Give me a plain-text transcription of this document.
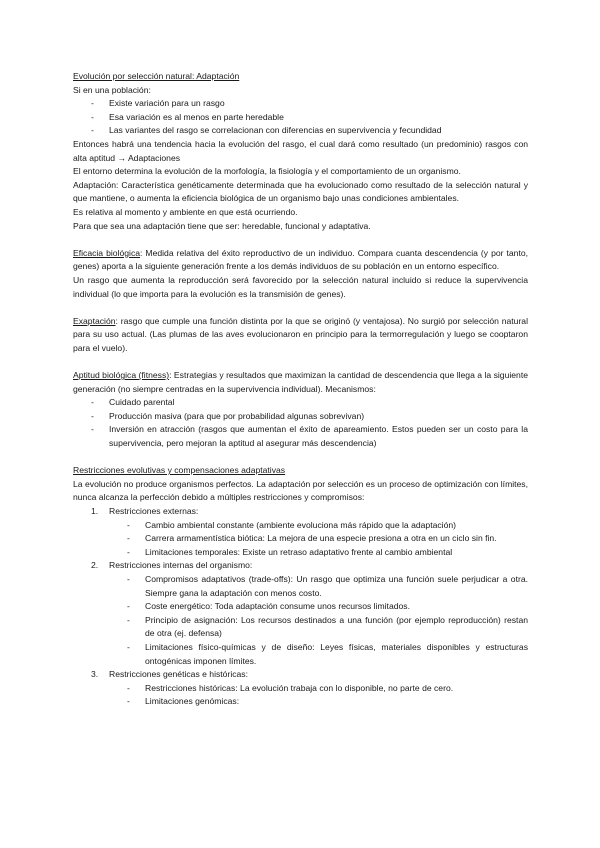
Evolución por selección natural: Adaptación

Si en una población:

-	Existe variación para un rasgo
-	Esa variación es al menos en parte heredable
-	Las variantes del rasgo se correlacionan con diferencias en supervivencia y fecundidad

Entonces habrá una tendencia hacia la evolución del rasgo, el cual dará como resultado (un predominio) rasgos con alta aptitud → Adaptaciones

El entorno determina la evolución de la morfología, la fisiología y el comportamiento de un organismo.

Adaptación: Característica genéticamente determinada que ha evolucionado como resultado de la selección natural y que mantiene, o aumenta la eficiencia biológica de un organismo bajo unas condiciones ambientales.

Es relativa al momento y ambiente en que está ocurriendo.

Para que sea una adaptación tiene que ser: heredable, funcional y adaptativa.

Eficacia biológica: Medida relativa del éxito reproductivo de un individuo. Compara cuanta descendencia (y por tanto, genes) aporta a la siguiente generación frente a los demás individuos de su población en un entorno específico.

Un rasgo que aumenta la reproducción será favorecido por la selección natural incluido si reduce la supervivencia individual (lo que importa para la evolución es la transmisión de genes).

Exaptación: rasgo que cumple una función distinta por la que se originó (y ventajosa). No surgió por selección natural para su uso actual. (Las plumas de las aves evolucionaron en principio para la termorregulación y luego se cooptaron para el vuelo).

Aptitud biológica (fitness): Estrategias y resultados que maximizan la cantidad de descendencia que llega a la siguiente generación (no siempre centradas en la supervivencia individual). Mecanismos:

-	Cuidado parental
-	Producción masiva (para que por probabilidad algunas sobrevivan)
-	Inversión en atracción (rasgos que aumentan el éxito de apareamiento. Estos pueden ser un costo para la supervivencia, pero mejoran la aptitud al asegurar más descendencia)

Restricciones evolutivas y compensaciones adaptativas

La evolución no produce organismos perfectos. La adaptación por selección es un proceso de optimización con límites, nunca alcanza la perfección debido a múltiples restricciones y compromisos:

1.	Restricciones externas:
-	Cambio ambiental constante (ambiente evoluciona más rápido que la adaptación)
-	Carrera armamentística biótica: La mejora de una especie presiona a otra en un ciclo sin fin.
-	Limitaciones temporales: Existe un retraso adaptativo frente al cambio ambiental
2.	Restricciones internas del organismo:
-	Compromisos adaptativos (trade-offs): Un rasgo que optimiza una función suele perjudicar a otra. Siempre gana la adaptación con menos costo.
-	Coste energético: Toda adaptación consume unos recursos limitados.
-	Principio de asignación: Los recursos destinados a una función (por ejemplo reproducción) restan de otra (ej. defensa)
-	Limitaciones físico-químicas y de diseño: Leyes físicas, materiales disponibles y estructuras ontogénicas imponen límites.
3.	Restricciones genéticas e históricas:
-	Restricciones históricas: La evolución trabaja con lo disponible, no parte de cero.
-	Limitaciones genómicas:
